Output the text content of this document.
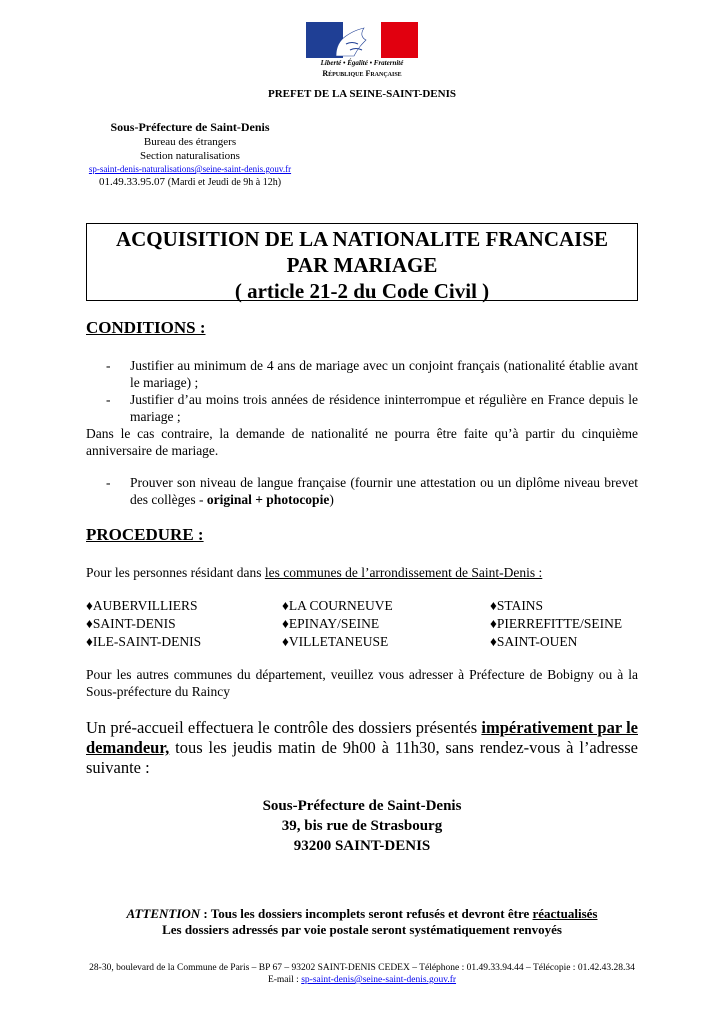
Liberté • Égalité • Fraternité
République Française
PREFET DE LA SEINE-SAINT-DENIS
Sous-Préfecture de Saint-Denis
Bureau des étrangers
Section naturalisations
sp-saint-denis-naturalisations@seine-saint-denis.gouv.fr
01.49.33.95.07 (Mardi et Jeudi de 9h à 12h)
ACQUISITION DE LA NATIONALITE FRANCAISE
PAR MARIAGE
( article 21-2 du Code Civil )
CONDITIONS :
- Justifier au minimum de 4 ans de mariage avec un conjoint français (nationalité établie avant le mariage) ;
- Justifier d’au moins trois années de résidence ininterrompue et régulière en France depuis le mariage ;
Dans le cas contraire, la demande de nationalité ne pourra être faite qu’à partir du cinquième anniversaire de mariage.
- Prouver son niveau de langue française (fournir une attestation ou un diplôme niveau brevet des collèges - original + photocopie)
PROCEDURE :
Pour les personnes résidant dans les communes de l’arrondissement de Saint-Denis :
♦AUBERVILLIERS	♦LA COURNEUVE	♦STAINS
♦SAINT-DENIS	♦EPINAY/SEINE	♦PIERREFITTE/SEINE
♦ILE-SAINT-DENIS	♦VILLETANEUSE	♦SAINT-OUEN
Pour les autres communes du département, veuillez vous adresser à Préfecture de Bobigny ou à la Sous-préfecture du Raincy
Un pré-accueil effectuera le contrôle des dossiers présentés impérativement par le demandeur, tous les jeudis matin de 9h00 à 11h30, sans rendez-vous à l’adresse suivante :
Sous-Préfecture de Saint-Denis
39, bis rue de Strasbourg
93200 SAINT-DENIS
ATTENTION : Tous les dossiers incomplets seront refusés et devront être réactualisés
Les dossiers adressés par voie postale seront systématiquement renvoyés
28-30, boulevard de la Commune de Paris – BP 67 – 93202 SAINT-DENIS CEDEX – Téléphone : 01.49.33.94.44 – Télécopie : 01.42.43.28.34
E-mail : sp-saint-denis@seine-saint-denis.gouv.fr
